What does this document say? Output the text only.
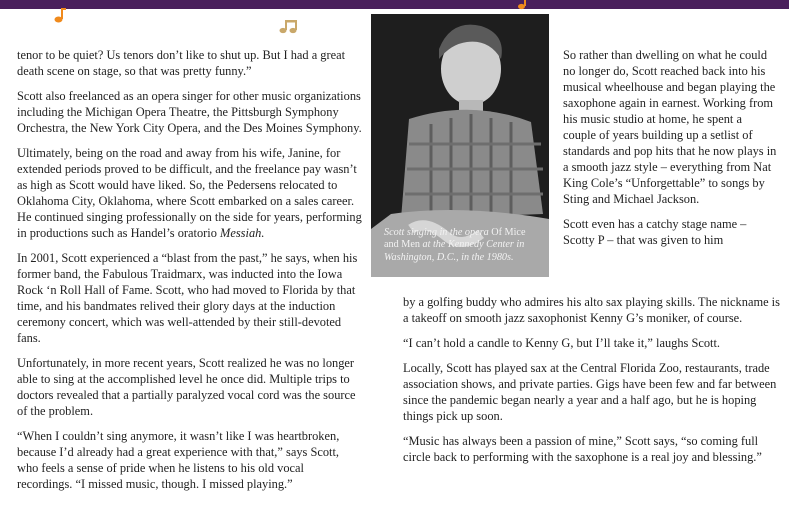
tenor to be quiet? Us tenors don’t like to shut up. But I had a great death scene on stage, so that was pretty funny.”

Scott also freelanced as an opera singer for other music organizations including the Michigan Opera Theatre, the Pittsburgh Symphony Orchestra, the New York City Opera, and the Des Moines Symphony.

Ultimately, being on the road and away from his wife, Janine, for extended periods proved to be difficult, and the freelance pay wasn’t as high as Scott would have liked. So, the Pedersens relocated to Oklahoma City, Oklahoma, where Scott embarked on a sales career. He continued singing professionally on the side for years, performing in productions such as Handel’s oratorio Messiah.

In 2001, Scott experienced a “blast from the past,” he says, when his former band, the Fabulous Traidmarx, was inducted into the Iowa Rock ‘n Roll Hall of Fame. Scott, who had moved to Florida by that time, and his bandmates relived their glory days at the induction ceremony concert, which was well-attended by their still-devoted fans.

Unfortunately, in more recent years, Scott realized he was no longer able to sing at the accomplished level he once did. Multiple trips to doctors revealed that a partially paralyzed vocal cord was the source of the problem.

“When I couldn’t sing anymore, it wasn’t like I was heartbroken, because I’d already had a great experience with that,” says Scott, who feels a sense of pride when he listens to his old vocal recordings. “I missed music, though. I missed playing.”

Scott singing in the opera Of Mice and Men at the Kennedy Center in Washington, D.C., in the 1980s.

So rather than dwelling on what he could no longer do, Scott reached back into his musical wheelhouse and began playing the saxophone again in earnest. Working from his music studio at home, he spent a couple of years building up a setlist of standards and pop hits that he now plays in a smooth jazz style – everything from Nat King Cole’s “Unforgettable” to songs by Sting and Michael Jackson.

Scott even has a catchy stage name – Scotty P – that was given to him

by a golfing buddy who admires his alto sax playing skills. The nickname is a takeoff on smooth jazz saxophonist Kenny G’s moniker, of course.

“I can’t hold a candle to Kenny G, but I’ll take it,” laughs Scott.

Locally, Scott has played sax at the Central Florida Zoo, restaurants, trade association shows, and private parties. Gigs have been few and far between since the pandemic began nearly a year and a half ago, but he is hoping things pick up soon.

“Music has always been a passion of mine,” Scott says, “so coming full circle back to performing with the saxophone is a real joy and blessing.”
